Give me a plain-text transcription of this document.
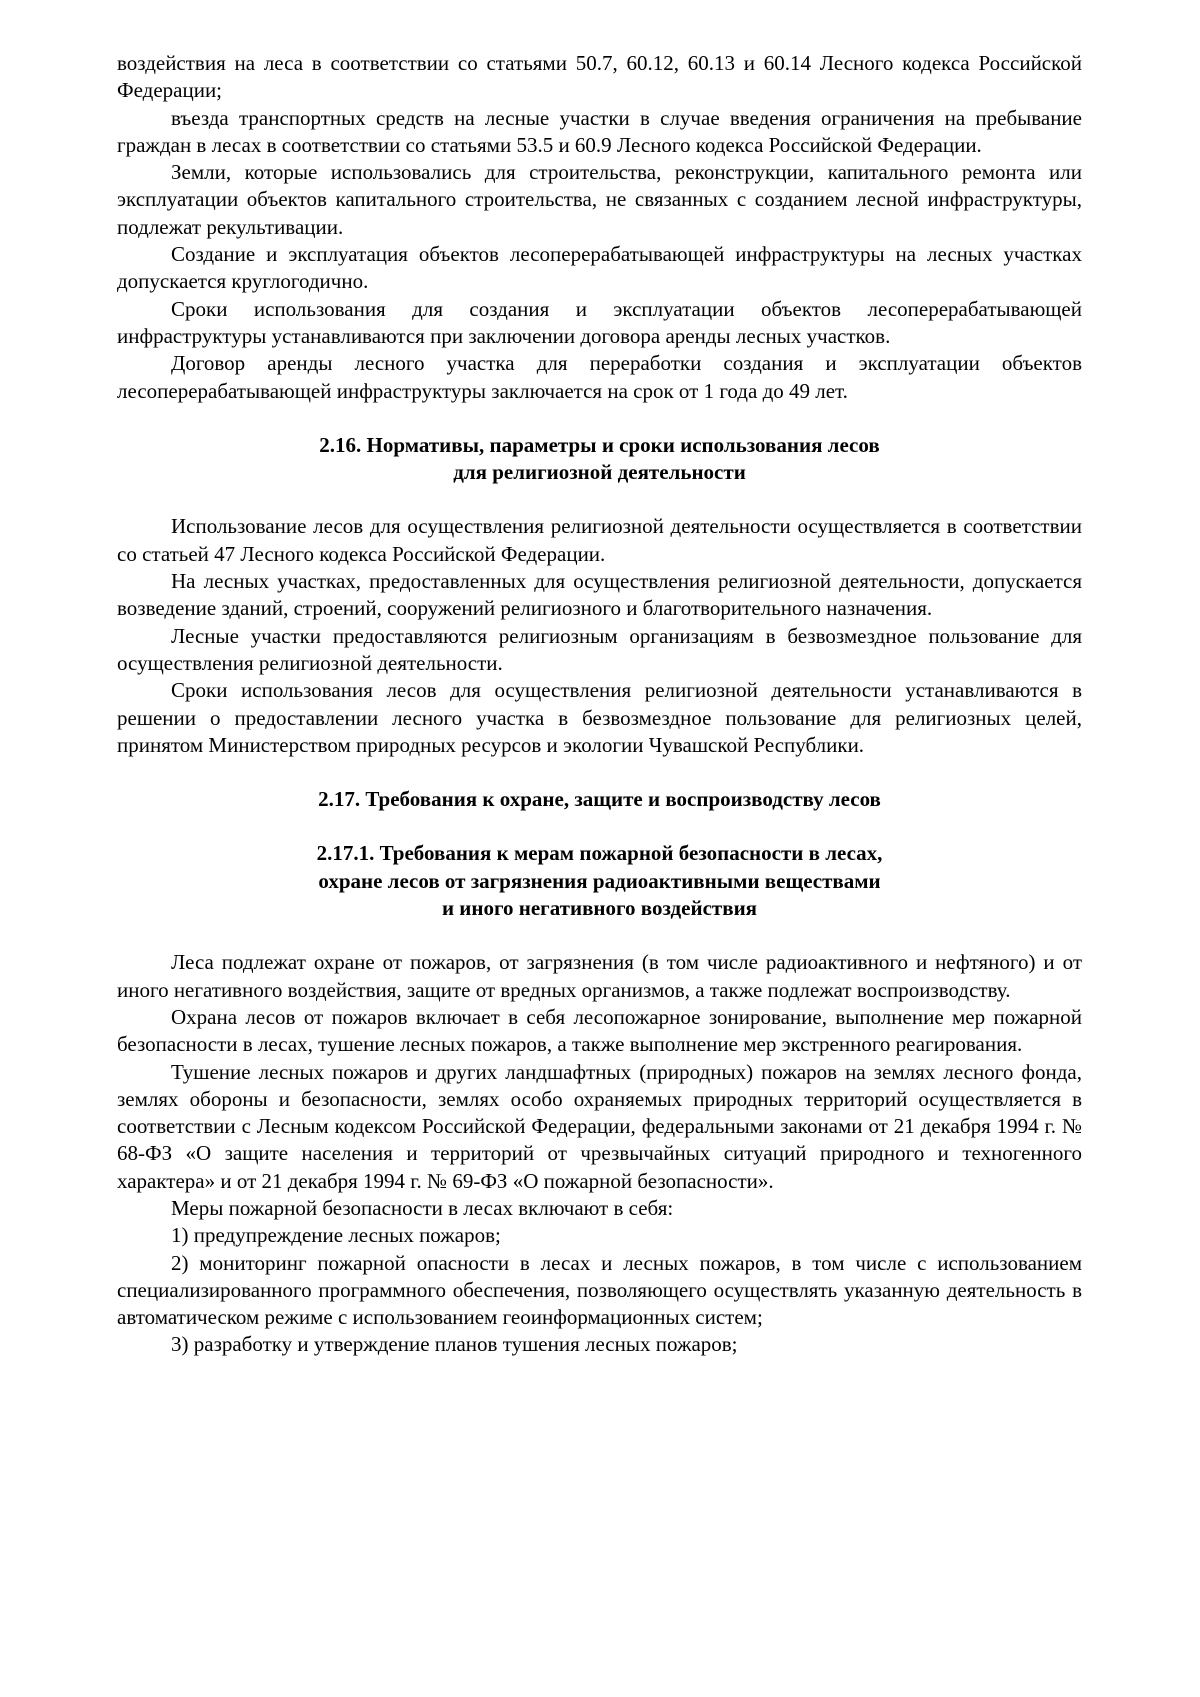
воздействия на леса в соответствии со статьями 50.7, 60.12, 60.13 и 60.14 Лесного кодекса Российской Федерации;

въезда транспортных средств на лесные участки в случае введения ограничения на пребывание граждан в лесах в соответствии со статьями 53.5 и 60.9 Лесного кодекса Российской Федерации.

Земли, которые использовались для строительства, реконструкции, капитального ремонта или эксплуатации объектов капитального строительства, не связанных с созданием лесной инфраструктуры, подлежат рекультивации.

Создание и эксплуатация объектов лесоперерабатывающей инфраструктуры на лесных участках допускается круглогодично.

Сроки использования для создания и эксплуатации объектов лесоперерабатывающей инфраструктуры устанавливаются при заключении договора аренды лесных участков.

Договор аренды лесного участка для переработки создания и эксплуатации объектов лесоперерабатывающей инфраструктуры заключается на срок от 1 года до 49 лет.

2.16. Нормативы, параметры и сроки использования лесов
для религиозной деятельности

Использование лесов для осуществления религиозной деятельности осуществляется в соответствии со статьей 47 Лесного кодекса Российской Федерации.

На лесных участках, предоставленных для осуществления религиозной деятельности, допускается возведение зданий, строений, сооружений религиозного и благотворительного назначения.

Лесные участки предоставляются религиозным организациям в безвозмездное пользование для осуществления религиозной деятельности.

Сроки использования лесов для осуществления религиозной деятельности устанавливаются в решении о предоставлении лесного участка в безвозмездное пользование для религиозных целей, принятом Министерством природных ресурсов и экологии Чувашской Республики.

2.17. Требования к охране, защите и воспроизводству лесов
2.17.1. Требования к мерам пожарной безопасности в лесах,
охране лесов от загрязнения радиоактивными веществами
и иного негативного воздействия

Леса подлежат охране от пожаров, от загрязнения (в том числе радиоактивного и нефтяного) и от иного негативного воздействия, защите от вредных организмов, а также подлежат воспроизводству.

Охрана лесов от пожаров включает в себя лесопожарное зонирование, выполнение мер пожарной безопасности в лесах, тушение лесных пожаров, а также выполнение мер экстренного реагирования.

Тушение лесных пожаров и других ландшафтных (природных) пожаров на землях лесного фонда, землях обороны и безопасности, землях особо охраняемых природных территорий осуществляется в соответствии с Лесным кодексом Российской Федерации, федеральными законами от 21 декабря 1994 г. № 68-ФЗ «О защите населения и территорий от чрезвычайных ситуаций природного и техногенного характера» и от 21 декабря 1994 г. № 69-ФЗ «О пожарной безопасности».

Меры пожарной безопасности в лесах включают в себя:

1) предупреждение лесных пожаров;

2) мониторинг пожарной опасности в лесах и лесных пожаров, в том числе с использованием специализированного программного обеспечения, позволяющего осуществлять указанную деятельность в автоматическом режиме с использованием геоинформационных систем;

3) разработку и утверждение планов тушения лесных пожаров;
